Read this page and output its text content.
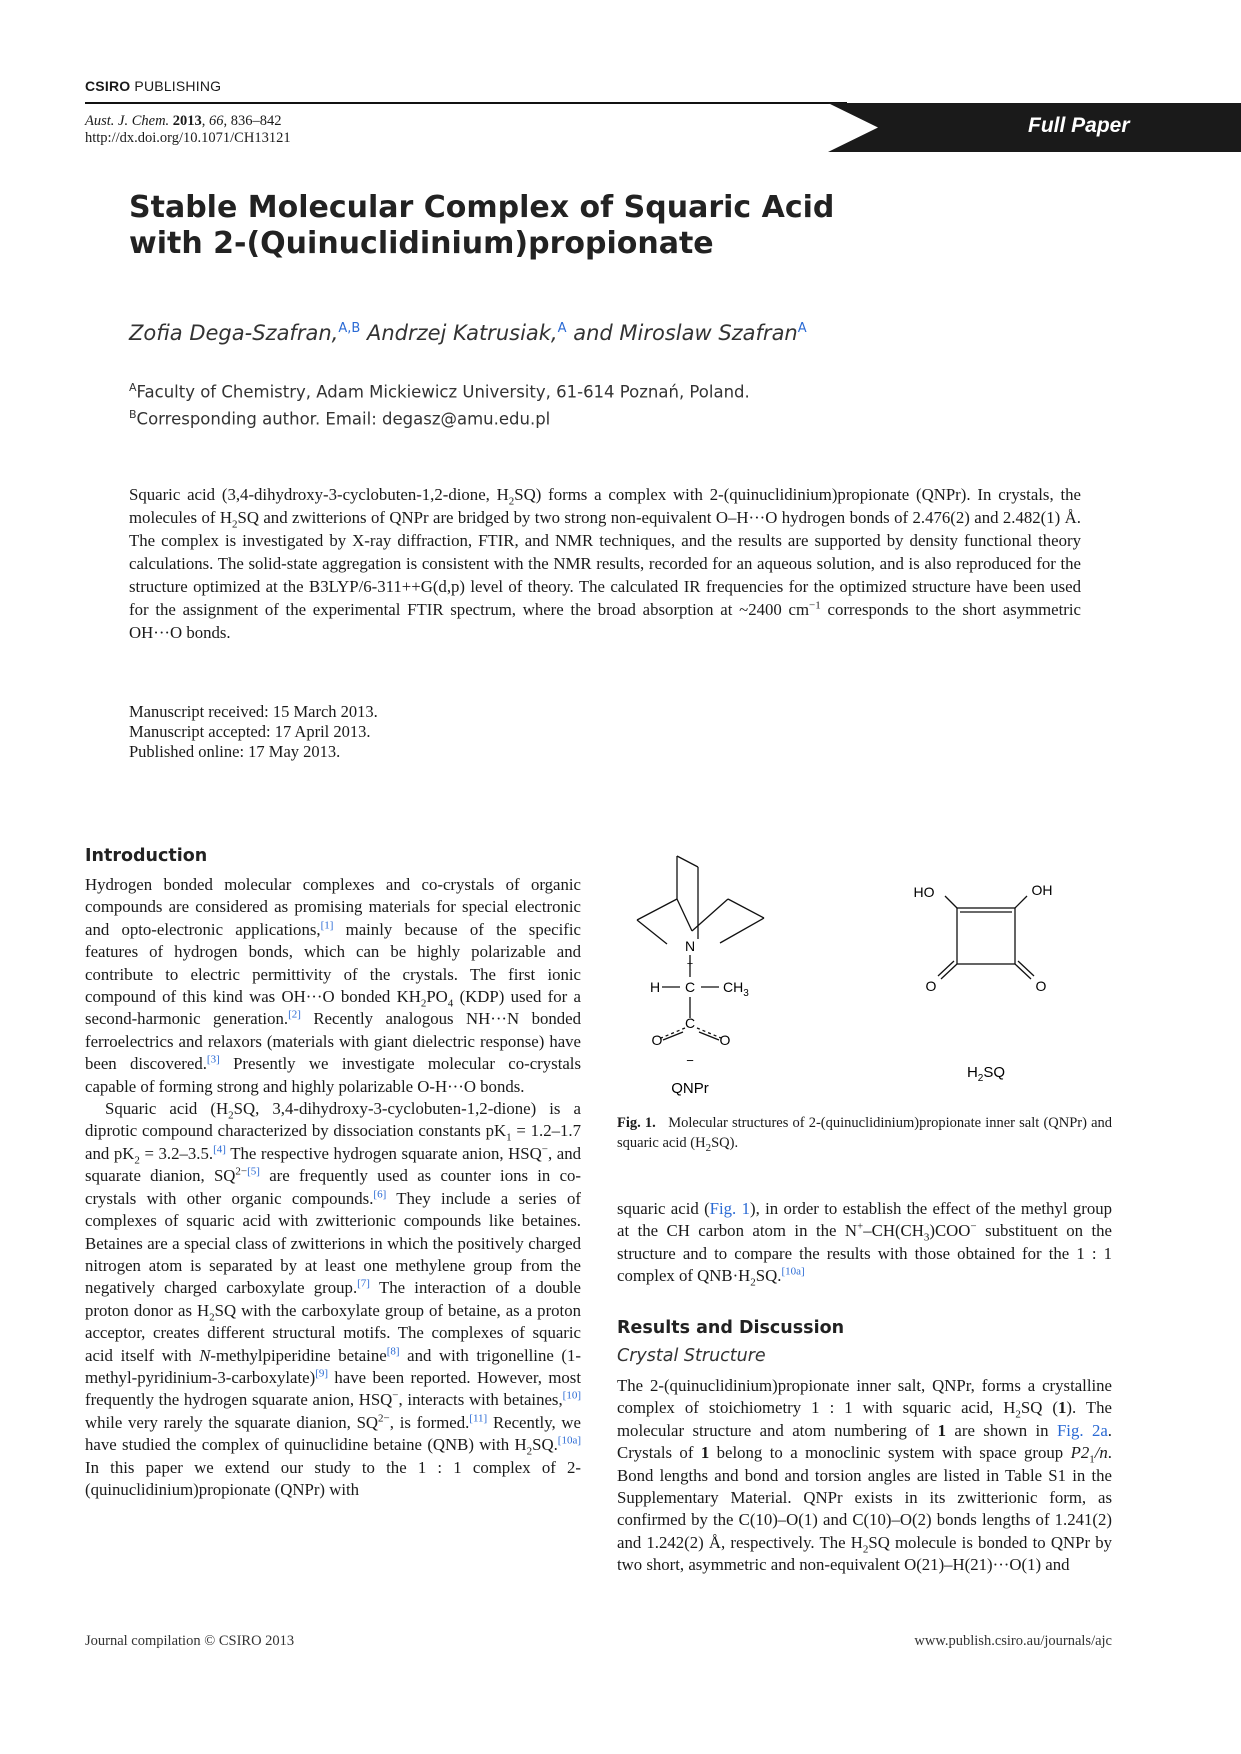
CSIRO PUBLISHING
Aust. J. Chem. 2013, 66, 836–842
http://dx.doi.org/10.1071/CH13121
Full Paper
Stable Molecular Complex of Squaric Acid
with 2-(Quinuclidinium)propionate
Zofia Dega-Szafran,$^{A,B}$ Andrzej Katrusiak,$^A$ and Miroslaw Szafran$^A$
$^A$Faculty of Chemistry, Adam Mickiewicz University, 61-614 Poznań, Poland.
$^B$Corresponding author. Email: degasz@amu.edu.pl
Squaric acid (3,4-dihydroxy-3-cyclobuten-1,2-dione, $H_2SQ$) forms a complex with 2-(quinuclidinium)propionate (QNPr). In crystals, the molecules of $H_2SQ$ and zwitterions of QNPr are bridged by two strong non-equivalent O–H···O hydrogen bonds of 2.476(2) and 2.482(1) Å. The complex is investigated by X-ray diffraction, FTIR, and NMR techniques, and the results are supported by density functional theory calculations. The solid-state aggregation is consistent with the NMR results, recorded for an aqueous solution, and is also reproduced for the structure optimized at the B3LYP/6-311++G(d,p) level of theory. The calculated IR frequencies for the optimized structure have been used for the assignment of the experimental FTIR spectrum, where the broad absorption at ~2400 $cm^{-1}$ corresponds to the short asymmetric OH···O bonds.
Manuscript received: 15 March 2013.
Manuscript accepted: 17 April 2013.
Published online: 17 May 2013.
Introduction

Hydrogen bonded molecular complexes and co-crystals of organic compounds are considered as promising materials for special electronic and opto-electronic applications,[1] mainly because of the specific features of hydrogen bonds, which can be highly polarizable and contribute to electric permittivity of the crystals. The first ionic compound of this kind was OH···O bonded $KH_2PO_4$ (KDP) used for a second-harmonic generation.[2] Recently analogous NH···N bonded ferroelectrics and relaxors (materials with giant dielectric response) have been discovered.[3] Presently we investigate molecular co-crystals capable of forming strong and highly polarizable O-H···O bonds.

Squaric acid ($H_2SQ$, 3,4-dihydroxy-3-cyclobuten-1,2-dione) is a diprotic compound characterized by dissociation constants $pK_1 = 1.2-1.7$ and $pK_2 = 3.2-3.5.[4]$ The respective hydrogen squarate anion, HSQ−, and squarate dianion, SQ$^{2-[5]}$ are frequently used as counter ions in co-crystals with other organic compounds.[6] They include a series of complexes of squaric acid with zwitterionic compounds like betaines. Betaines are a special class of zwitterions in which the positively charged nitrogen atom is separated by at least one methylene group from the negatively charged carboxylate group.[7] The interaction of a double proton donor as $H_2SQ$ with the carboxylate group of betaine, as a proton acceptor, creates different structural motifs. The complexes of squaric acid itself with N-methylpiperidine betaine[8] and with trigonelline (1-methyl-pyridinium-3-carboxylate)[9] have been reported. However, most frequently the hydrogen squarate anion, HSQ−, interacts with betaines,[10] while very rarely the squarate dianion, $SQ^{2-}$, is formed.[11] Recently, we have studied the complex of quinuclidine betaine (QNB) with $H_2SQ.[10a]$ In this paper we extend our study to the 1 : 1 complex of 2-(quinuclidinium)propionate (QNPr) with

N
+
H C $CH_3$
C
O	O
−
QNPr
HO	OH
O	O
$H_2SQ$
Fig. 1. Molecular structures of 2-(quinuclidinium)propionate inner salt (QNPr) and squaric acid $(H_2SQ)$.
squaric acid (Fig. 1), in order to establish the effect of the methyl group at the CH carbon atom in the $N^+-CH(CH_3)COO^-$ substituent on the structure and to compare the results with those obtained for the 1 : 1 complex of $QNB\cdot H_2SQ.[10a]$
Results and Discussion
Crystal Structure
The 2-(quinuclidinium)propionate inner salt, QNPr, forms a crystalline complex of stoichiometry 1 : 1 with squaric acid, $H_2SQ$ (1). The molecular structure and atom numbering of 1 are shown in Fig. 2a. Crystals of 1 belong to a monoclinic system with space group $P2_1/n$. Bond lengths and bond and torsion angles are listed in Table S1 in the Supplementary Material. QNPr exists in its zwitterionic form, as confirmed by the C(10)–O(1) and C(10)–O(2) bonds lengths of 1.241(2) and 1.242(2) Å, respectively. The $H_2SQ$ molecule is bonded to QNPr by two short, asymmetric and non-equivalent O(21)–H(21)···O(1) and
Journal compilation © CSIRO 2013	www.publish.csiro.au/journals/ajc
